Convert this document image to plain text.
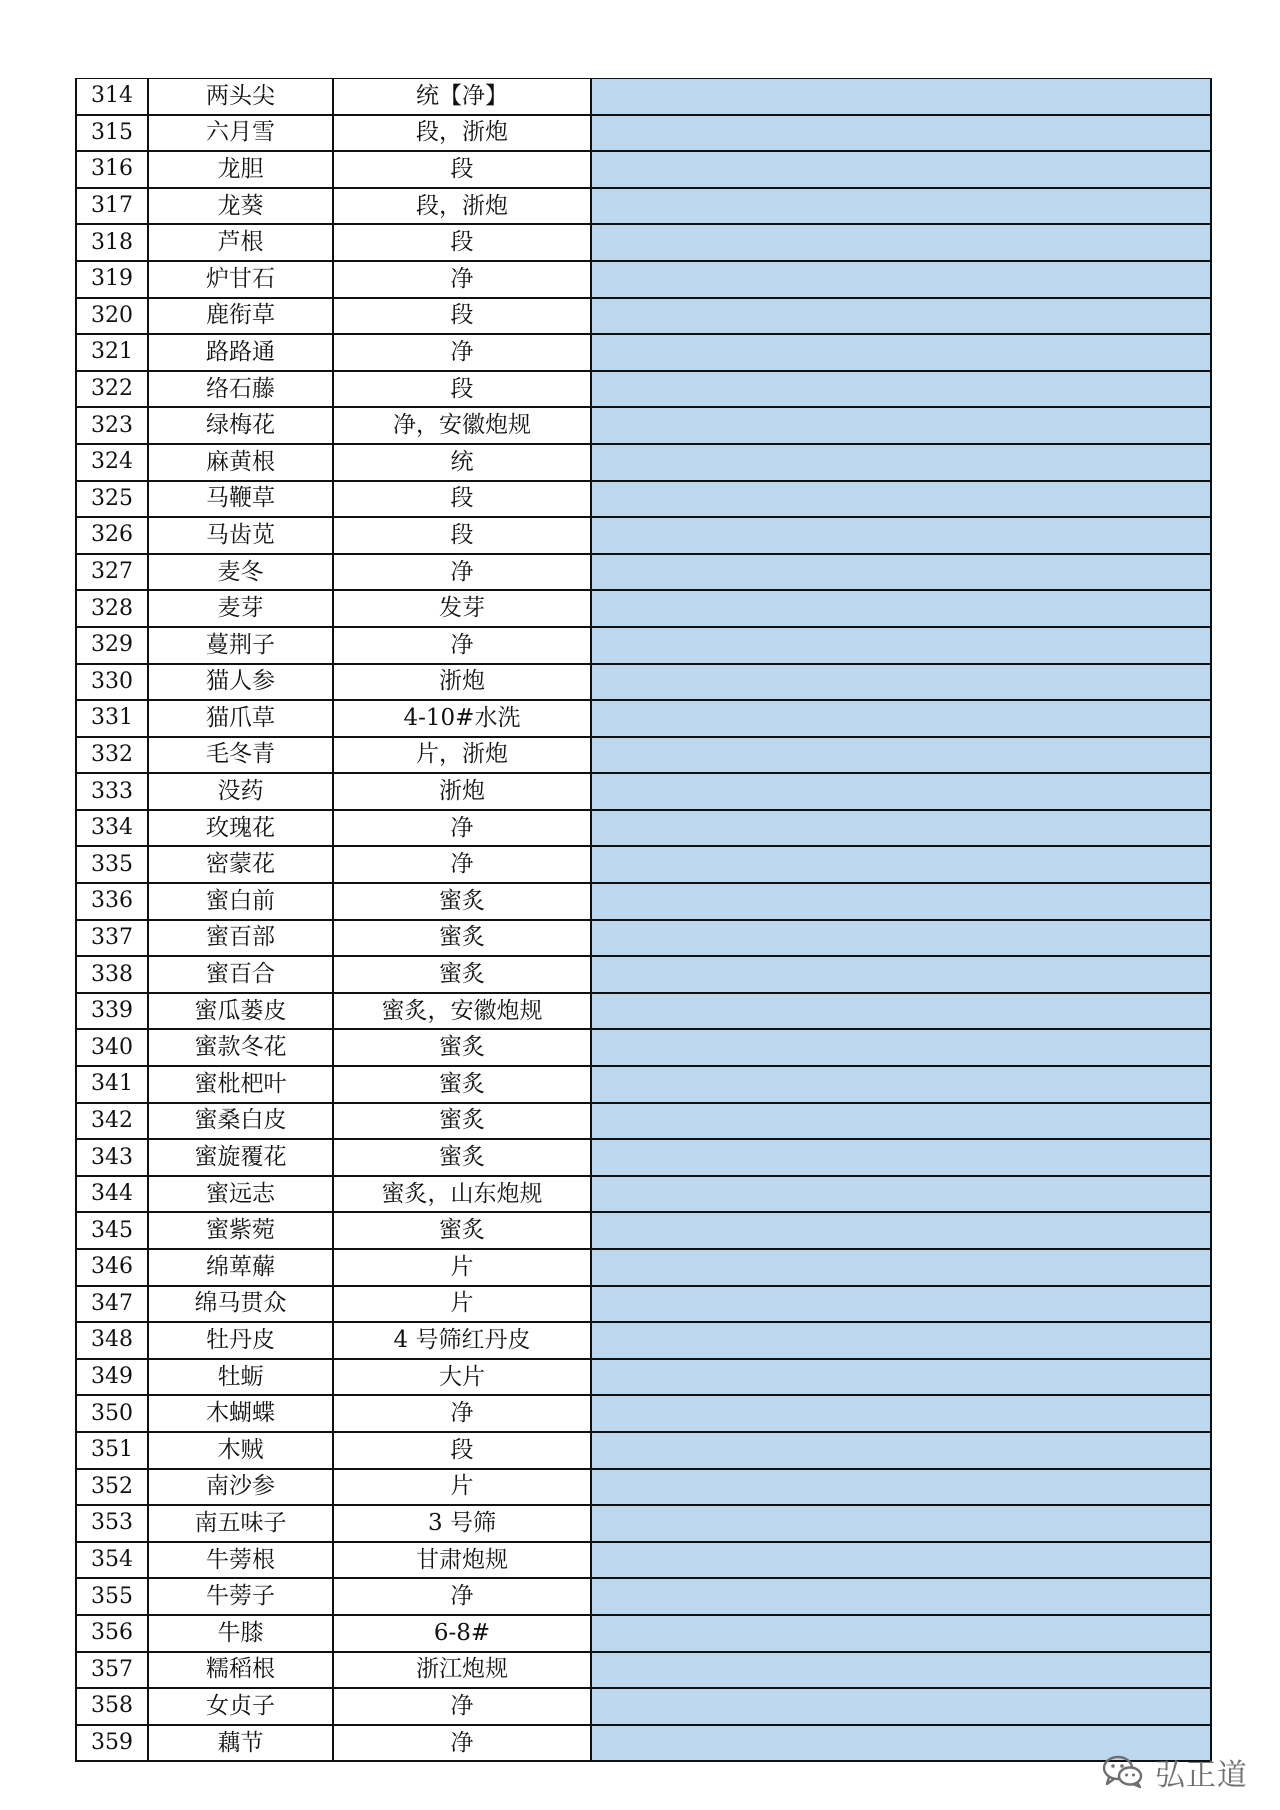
314	两头尖	统【净】	
315	六月雪	段，浙炮	
316	龙胆	段	
317	龙葵	段，浙炮	
318	芦根	段	
319	炉甘石	净	
320	鹿衔草	段	
321	路路通	净	
322	络石藤	段	
323	绿梅花	净，安徽炮规	
324	麻黄根	统	
325	马鞭草	段	
326	马齿苋	段	
327	麦冬	净	
328	麦芽	发芽	
329	蔓荆子	净	
330	猫人参	浙炮	
331	猫爪草	4-10#水洗	
332	毛冬青	片，浙炮	
333	没药	浙炮	
334	玫瑰花	净	
335	密蒙花	净	
336	蜜白前	蜜炙	
337	蜜百部	蜜炙	
338	蜜百合	蜜炙	
339	蜜瓜蒌皮	蜜炙，安徽炮规	
340	蜜款冬花	蜜炙	
341	蜜枇杷叶	蜜炙	
342	蜜桑白皮	蜜炙	
343	蜜旋覆花	蜜炙	
344	蜜远志	蜜炙，山东炮规	
345	蜜紫菀	蜜炙	
346	绵萆薢	片	
347	绵马贯众	片	
348	牡丹皮	4 号筛红丹皮	
349	牡蛎	大片	
350	木蝴蝶	净	
351	木贼	段	
352	南沙参	片	
353	南五味子	3 号筛	
354	牛蒡根	甘肃炮规	
355	牛蒡子	净	
356	牛膝	6-8#	
357	糯稻根	浙江炮规	
358	女贞子	净	
359	藕节	净	
弘正道
